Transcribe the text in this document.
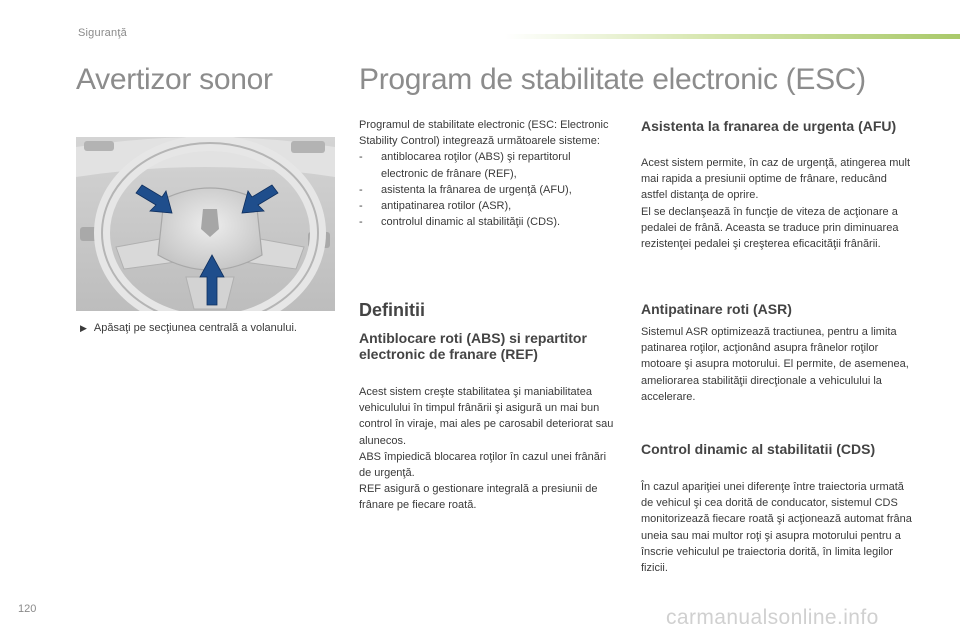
Siguranţă
Avertizor sonor	Program de stabilitate electronic (ESC)
▶ Apăsaţi pe secţiunea centrală a volanului.
Programul de stabilitate electronic (ESC: Electronic Stability Control) integrează următoarele sisteme:
- antiblocarea roţilor (ABS) şi repartitorul electronic de frânare (REF),
- asistenta la frânarea de urgenţă (AFU),
- antipatinarea rotilor (ASR),
- controlul dinamic al stabilităţii (CDS).
Definitii
Antiblocare roti (ABS) si repartitor electronic de franare (REF)
Acest sistem creşte stabilitatea şi maniabilitatea vehiculului în timpul frânării şi asigură un mai bun control în viraje, mai ales pe carosabil deteriorat sau alunecos.
ABS împiedică blocarea roţilor în cazul unei frânări de urgenţă.
REF asigură o gestionare integrală a presiunii de frânare pe fiecare roată.
Asistenta la franarea de urgenta (AFU)
Acest sistem permite, în caz de urgenţă, atingerea mult mai rapida a presiunii optime de frânare, reducând astfel distanţa de oprire.
El se declanşează în funcţie de viteza de acţionare a pedalei de frână. Aceasta se traduce prin diminuarea rezistenţei pedalei şi creşterea eficacităţii frânării.
Antipatinare roti (ASR)
Sistemul ASR optimizează tractiunea, pentru a limita patinarea roţilor, acţionând asupra frânelor roţilor motoare şi asupra motorului. El permite, de asemenea, ameliorarea stabilităţii direcţionale a vehiculului la accelerare.
Control dinamic al stabilitatii (CDS)
În cazul apariţiei unei diferenţe între traiectoria urmată de vehicul şi cea dorită de conducator, sistemul CDS monitorizează fiecare roată şi acţionează automat frâna uneia sau mai multor roţi şi asupra motorului pentru a înscrie vehiculul pe traiectoria dorită, în limita legilor fizicii.
120	carmanualsonline.info
